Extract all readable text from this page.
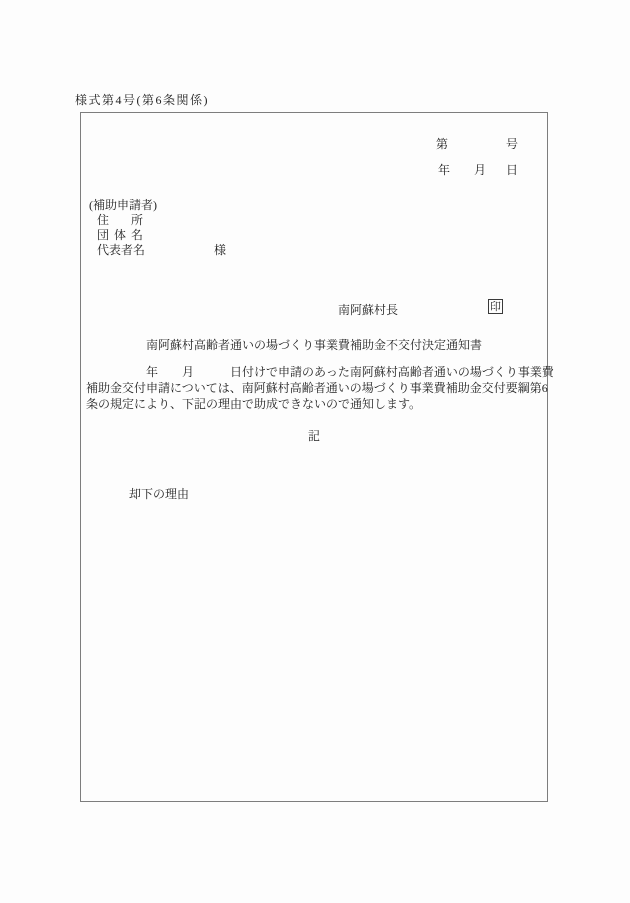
様式第4号(第6条関係)
第	号
年 月 日
(補助申請者)
住所
団体名
代表者名	様
南阿蘇村長	印
南阿蘇村高齢者通いの場づくり事業費補助金不交付決定通知書
　　　　　年　　月　　　日付けで申請のあった南阿蘇村高齢者通いの場づくり事業費
補助金交付申請については、南阿蘇村高齢者通いの場づくり事業費補助金交付要綱第6
条の規定により、下記の理由で助成できないので通知します。
記
却下の理由
